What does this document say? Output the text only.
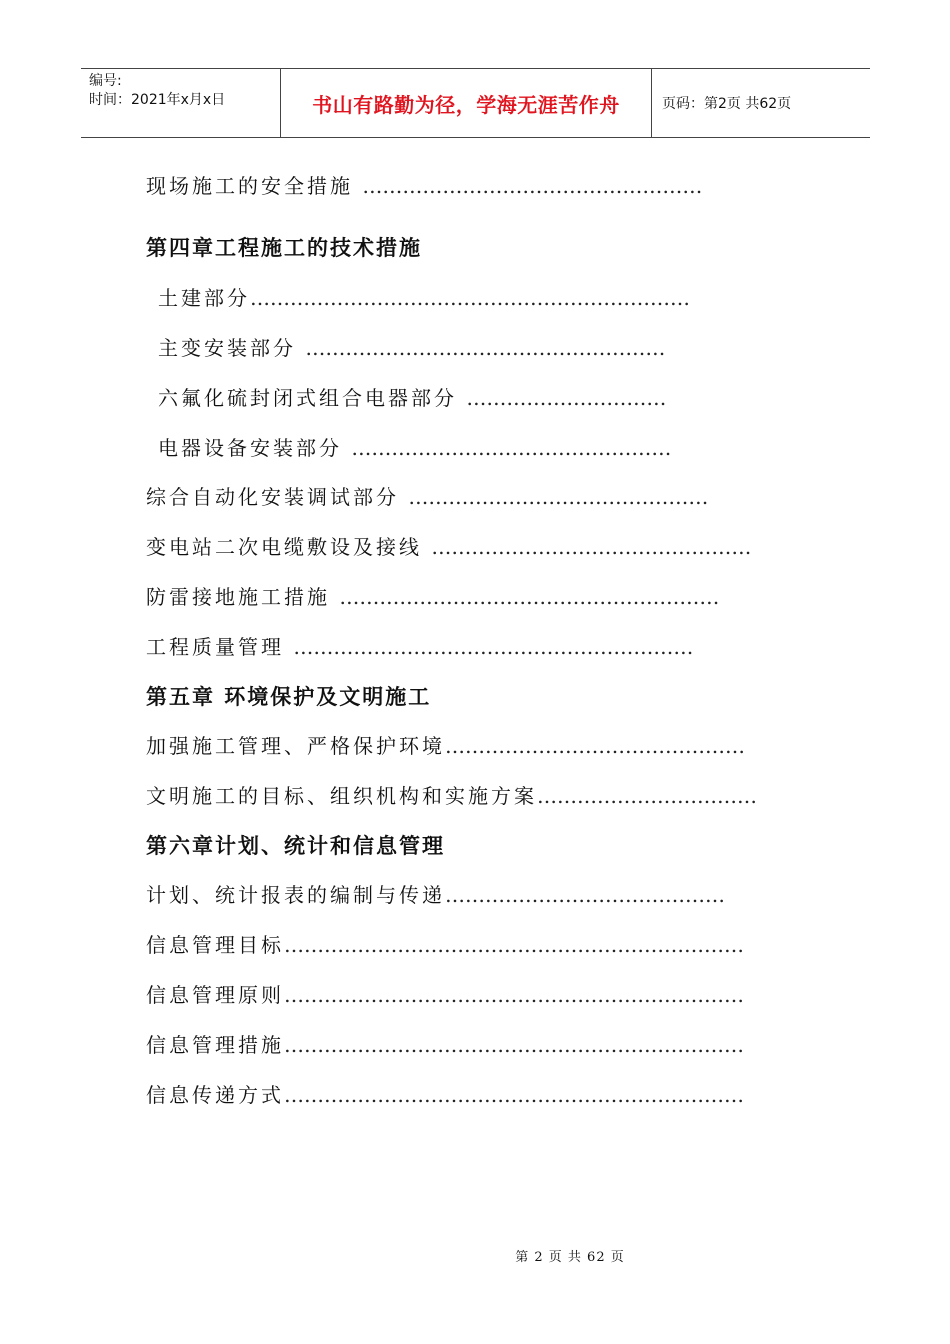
编号:
时间：2021年x月x日	书山有路勤为径，学海无涯苦作舟	页码：第2页 共62页
现场施工的安全措施 ……………………………………………
第四章工程施工的技术措施
土建部分…………………………………………………………
主变安装部分 ………………………………………………
六氟化硫封闭式组合电器部分 …………………………
电器设备安装部分 …………………………………………
综合自动化安装调试部分 ………………………………………
变电站二次电缆敷设及接线 …………………………………………
防雷接地施工措施 …………………………………………………
工程质量管理 ……………………………………………………
第五章 环境保护及文明施工
加强施工管理、严格保护环境………………………………………
文明施工的目标、组织机构和实施方案……………………………
第六章计划、统计和信息管理
计划、统计报表的编制与传递……………………………………
信息管理目标……………………………………………………………
信息管理原则……………………………………………………………
信息管理措施……………………………………………………………
信息传递方式……………………………………………………………
第 2 页 共 62 页
